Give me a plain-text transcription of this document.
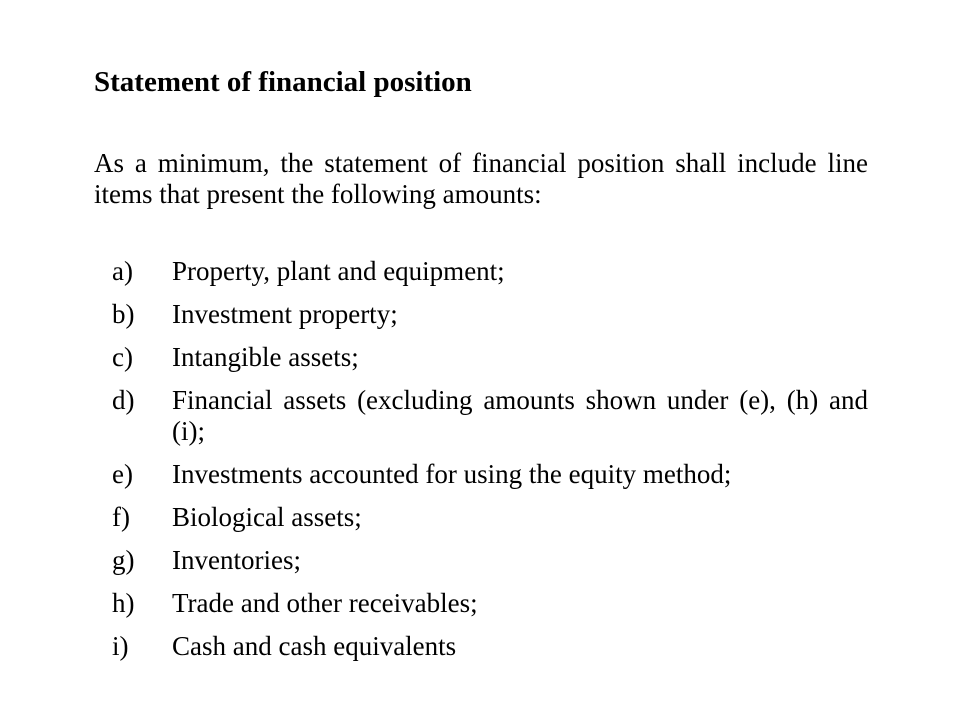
Statement of financial position

As a minimum, the statement of financial position shall include line items that present the following amounts:

a)	Property, plant and equipment;
b)	Investment property;
c)	Intangible assets;
d)	Financial assets (excluding amounts shown under (e), (h) and (i);
e)	Investments accounted for using the equity method;
f)	Biological assets;
g)	Inventories;
h)	Trade and other receivables;
i)	Cash and cash equivalents
